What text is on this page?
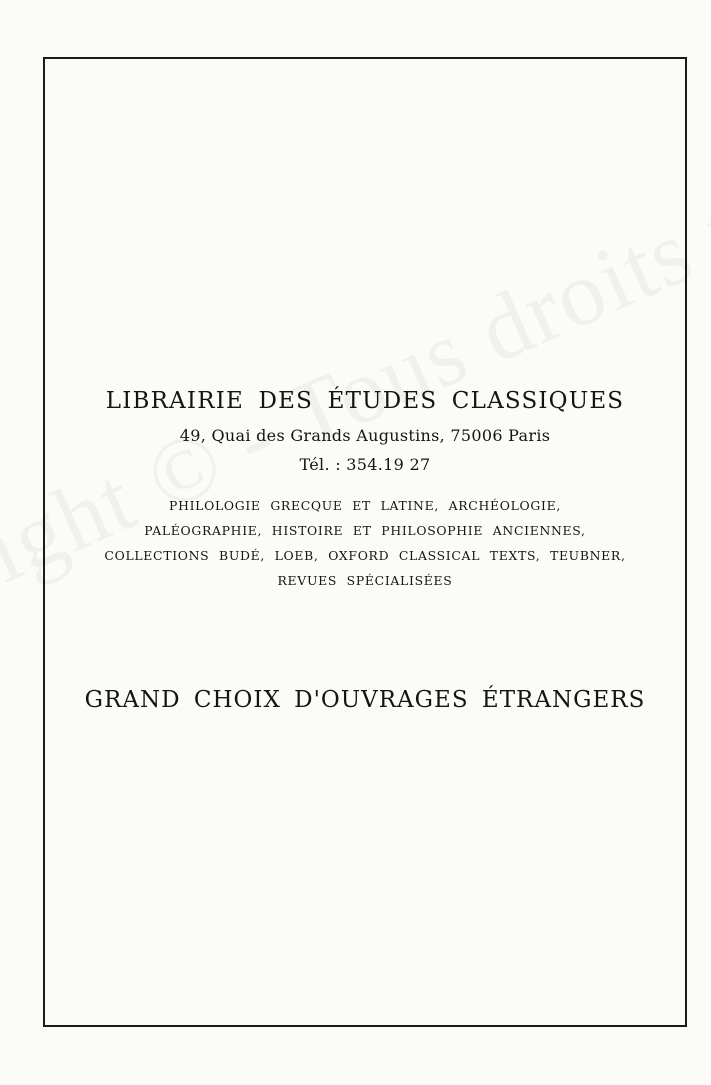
LIBRAIRIE DES ÉTUDES CLASSIQUES
49, Quai des Grands Augustins, 75006 Paris
Tél. : 354.19 27
PHILOLOGIE GRECQUE ET LATINE, ARCHÉOLOGIE,
PALÉOGRAPHIE, HISTOIRE ET PHILOSOPHIE ANCIENNES,
COLLECTIONS BUDÉ, LOEB, OXFORD CLASSICAL TEXTS, TEUBNER,
REVUES SPÉCIALISÉES
GRAND CHOIX D'OUVRAGES ÉTRANGERS
